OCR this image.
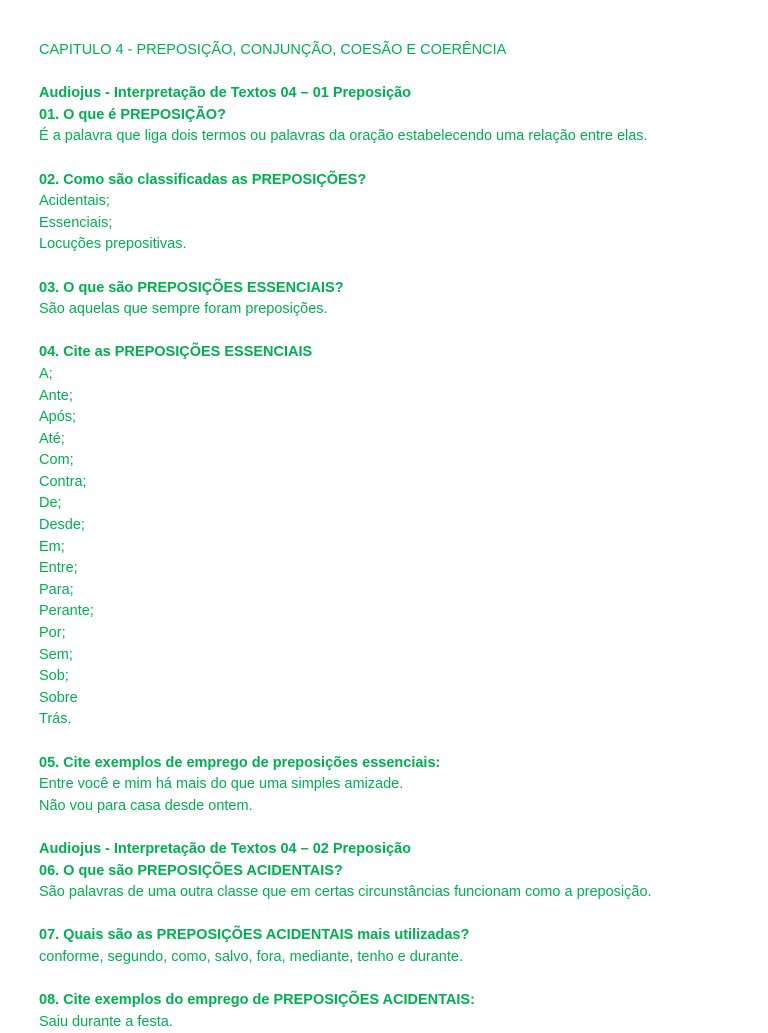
CAPITULO 4 - PREPOSIÇÃO, CONJUNÇÃO, COESÃO E COERÊNCIA
Audiojus - Interpretação de Textos 04 – 01 Preposição
01. O que é PREPOSIÇÃO?
É a palavra que liga dois termos ou palavras da oração estabelecendo uma relação entre elas.
02. Como são classificadas as PREPOSIÇÕES?
Acidentais;
Essenciais;
Locuções prepositivas.
03. O que são PREPOSIÇÕES ESSENCIAIS?
São aquelas que sempre foram preposições.
04. Cite as PREPOSIÇÕES ESSENCIAIS
A;
Ante;
Após;
Até;
Com;
Contra;
De;
Desde;
Em;
Entre;
Para;
Perante;
Por;
Sem;
Sob;
Sobre
Trás.
05. Cite exemplos de emprego de preposições essenciais:
Entre você e mim há mais do que uma simples amizade.
Não vou para casa desde ontem.
Audiojus - Interpretação de Textos 04 – 02 Preposição
06. O que são PREPOSIÇÕES ACIDENTAIS?
São palavras de uma outra classe que em certas circunstâncias funcionam como a preposição.
07. Quais são as PREPOSIÇÕES ACIDENTAIS mais utilizadas?
conforme, segundo, como, salvo, fora, mediante, tenho e durante.
08. Cite exemplos do emprego de PREPOSIÇÕES ACIDENTAIS:
Saiu durante a festa.
